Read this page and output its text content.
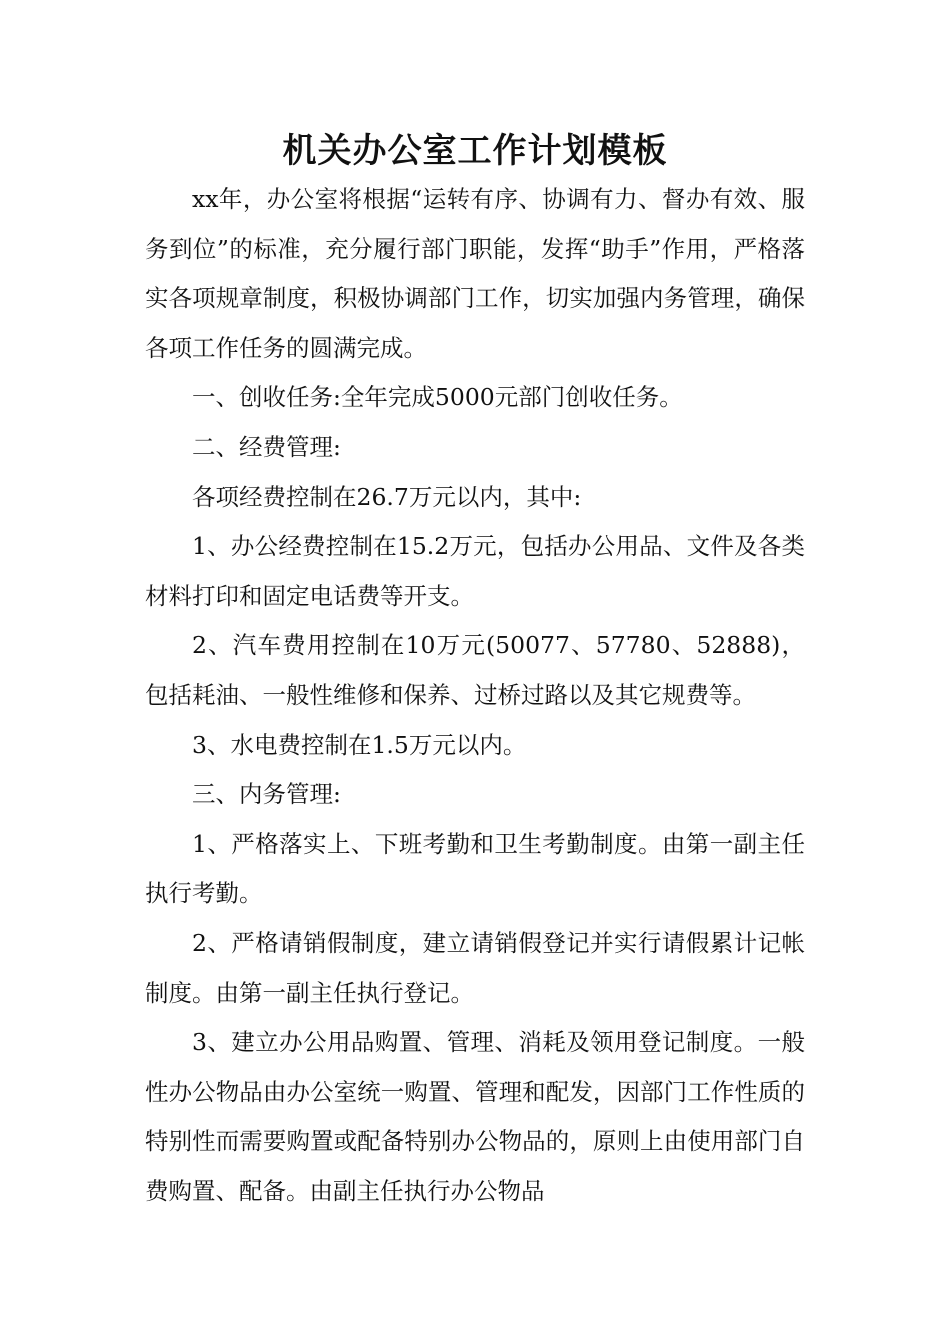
机关办公室工作计划模板

xx年，办公室将根据“运转有序、协调有力、督办有效、服务到位”的标准，充分履行部门职能，发挥“助手”作用，严格落实各项规章制度，积极协调部门工作，切实加强内务管理，确保各项工作任务的圆满完成。

一、创收任务:全年完成5000元部门创收任务。

二、经费管理:

各项经费控制在26.7万元以内，其中:

1、办公经费控制在15.2万元，包括办公用品、文件及各类材料打印和固定电话费等开支。

2、汽车费用控制在10万元(50077、57780、52888)，包括耗油、一般性维修和保养、过桥过路以及其它规费等。

3、水电费控制在1.5万元以内。

三、内务管理:

1、严格落实上、下班考勤和卫生考勤制度。由第一副主任执行考勤。

2、严格请销假制度，建立请销假登记并实行请假累计记帐制度。由第一副主任执行登记。

3、建立办公用品购置、管理、消耗及领用登记制度。一般性办公物品由办公室统一购置、管理和配发，因部门工作性质的特别性而需要购置或配备特别办公物品的，原则上由使用部门自费购置、配备。由副主任执行办公物品
